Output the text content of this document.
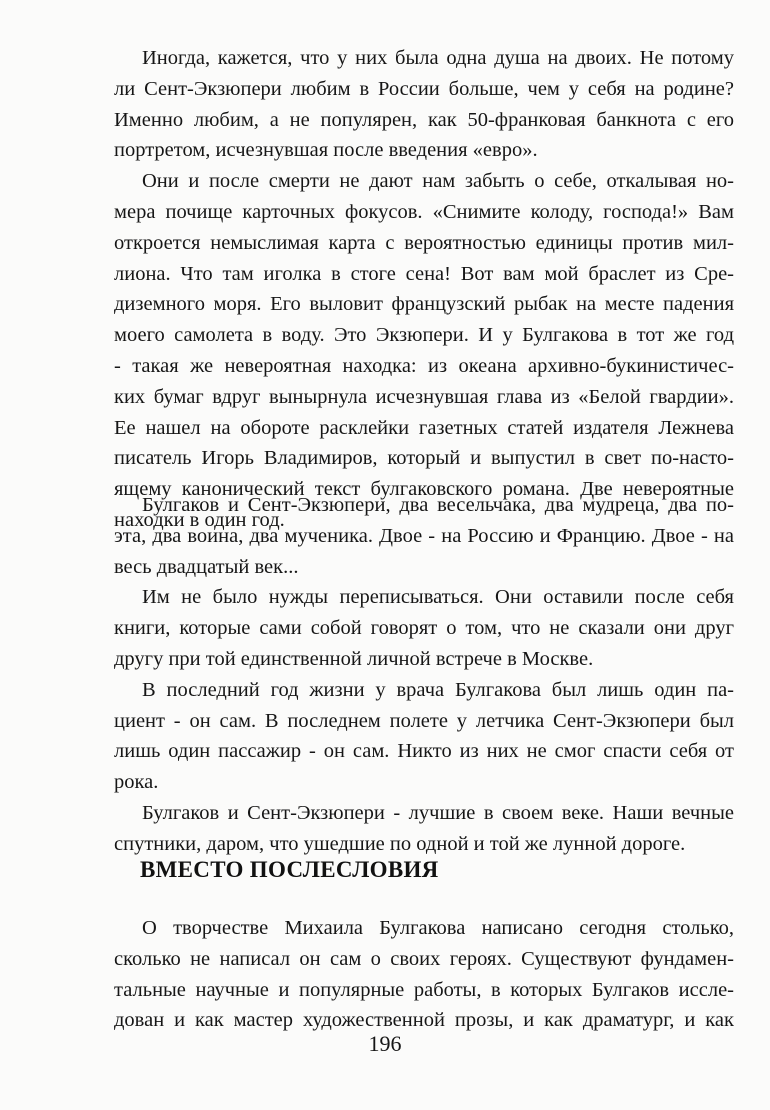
Иногда, кажется, что у них была одна душа на двоих. Не потому
ли Сент-Экзюпери любим в России больше, чем у себя на родине?
Именно любим, а не популярен, как 50-франковая банкнота с его
портретом, исчезнувшая после введения «евро».
Они и после смерти не дают нам забыть о себе, откалывая но-
мера почище карточных фокусов. «Снимите колоду, господа!» Вам
откроется немыслимая карта с вероятностью единицы против мил-
лиона. Что там иголка в стоге сена! Вот вам мой браслет из Сре-
диземного моря. Его выловит французский рыбак на месте падения
моего самолета в воду. Это Экзюпери. И у Булгакова в тот же год
- такая же невероятная находка: из океана архивно-букинистичес-
ких бумаг вдруг вынырнула исчезнувшая глава из «Белой гвардии».
Ее нашел на обороте расклейки газетных статей издателя Лежнева
писатель Игорь Владимиров, который и выпустил в свет по-насто-
ящему канонический текст булгаковского романа. Две невероятные
находки в один год.
Булгаков и Сент-Экзюпери, два весельчака, два мудреца, два по-
эта, два воина, два мученика. Двое - на Россию и Францию. Двое - на
весь двадцатый век...
Им не было нужды переписываться. Они оставили после себя
книги, которые сами собой говорят о том, что не сказали они друг
другу при той единственной личной встрече в Москве.
В последний год жизни у врача Булгакова был лишь один па-
циент - он сам. В последнем полете у летчика Сент-Экзюпери был
лишь один пассажир - он сам. Никто из них не смог спасти себя от
рока.
Булгаков и Сент-Экзюпери - лучшие в своем веке. Наши вечные
спутники, даром, что ушедшие по одной и той же лунной дороге.
ВМЕСТО ПОСЛЕСЛОВИЯ
О творчестве Михаила Булгакова написано сегодня столько,
сколько не написал он сам о своих героях. Существуют фундамен-
тальные научные и популярные работы, в которых Булгаков иссле-
дован и как мастер художественной прозы, и как драматург, и как
196
